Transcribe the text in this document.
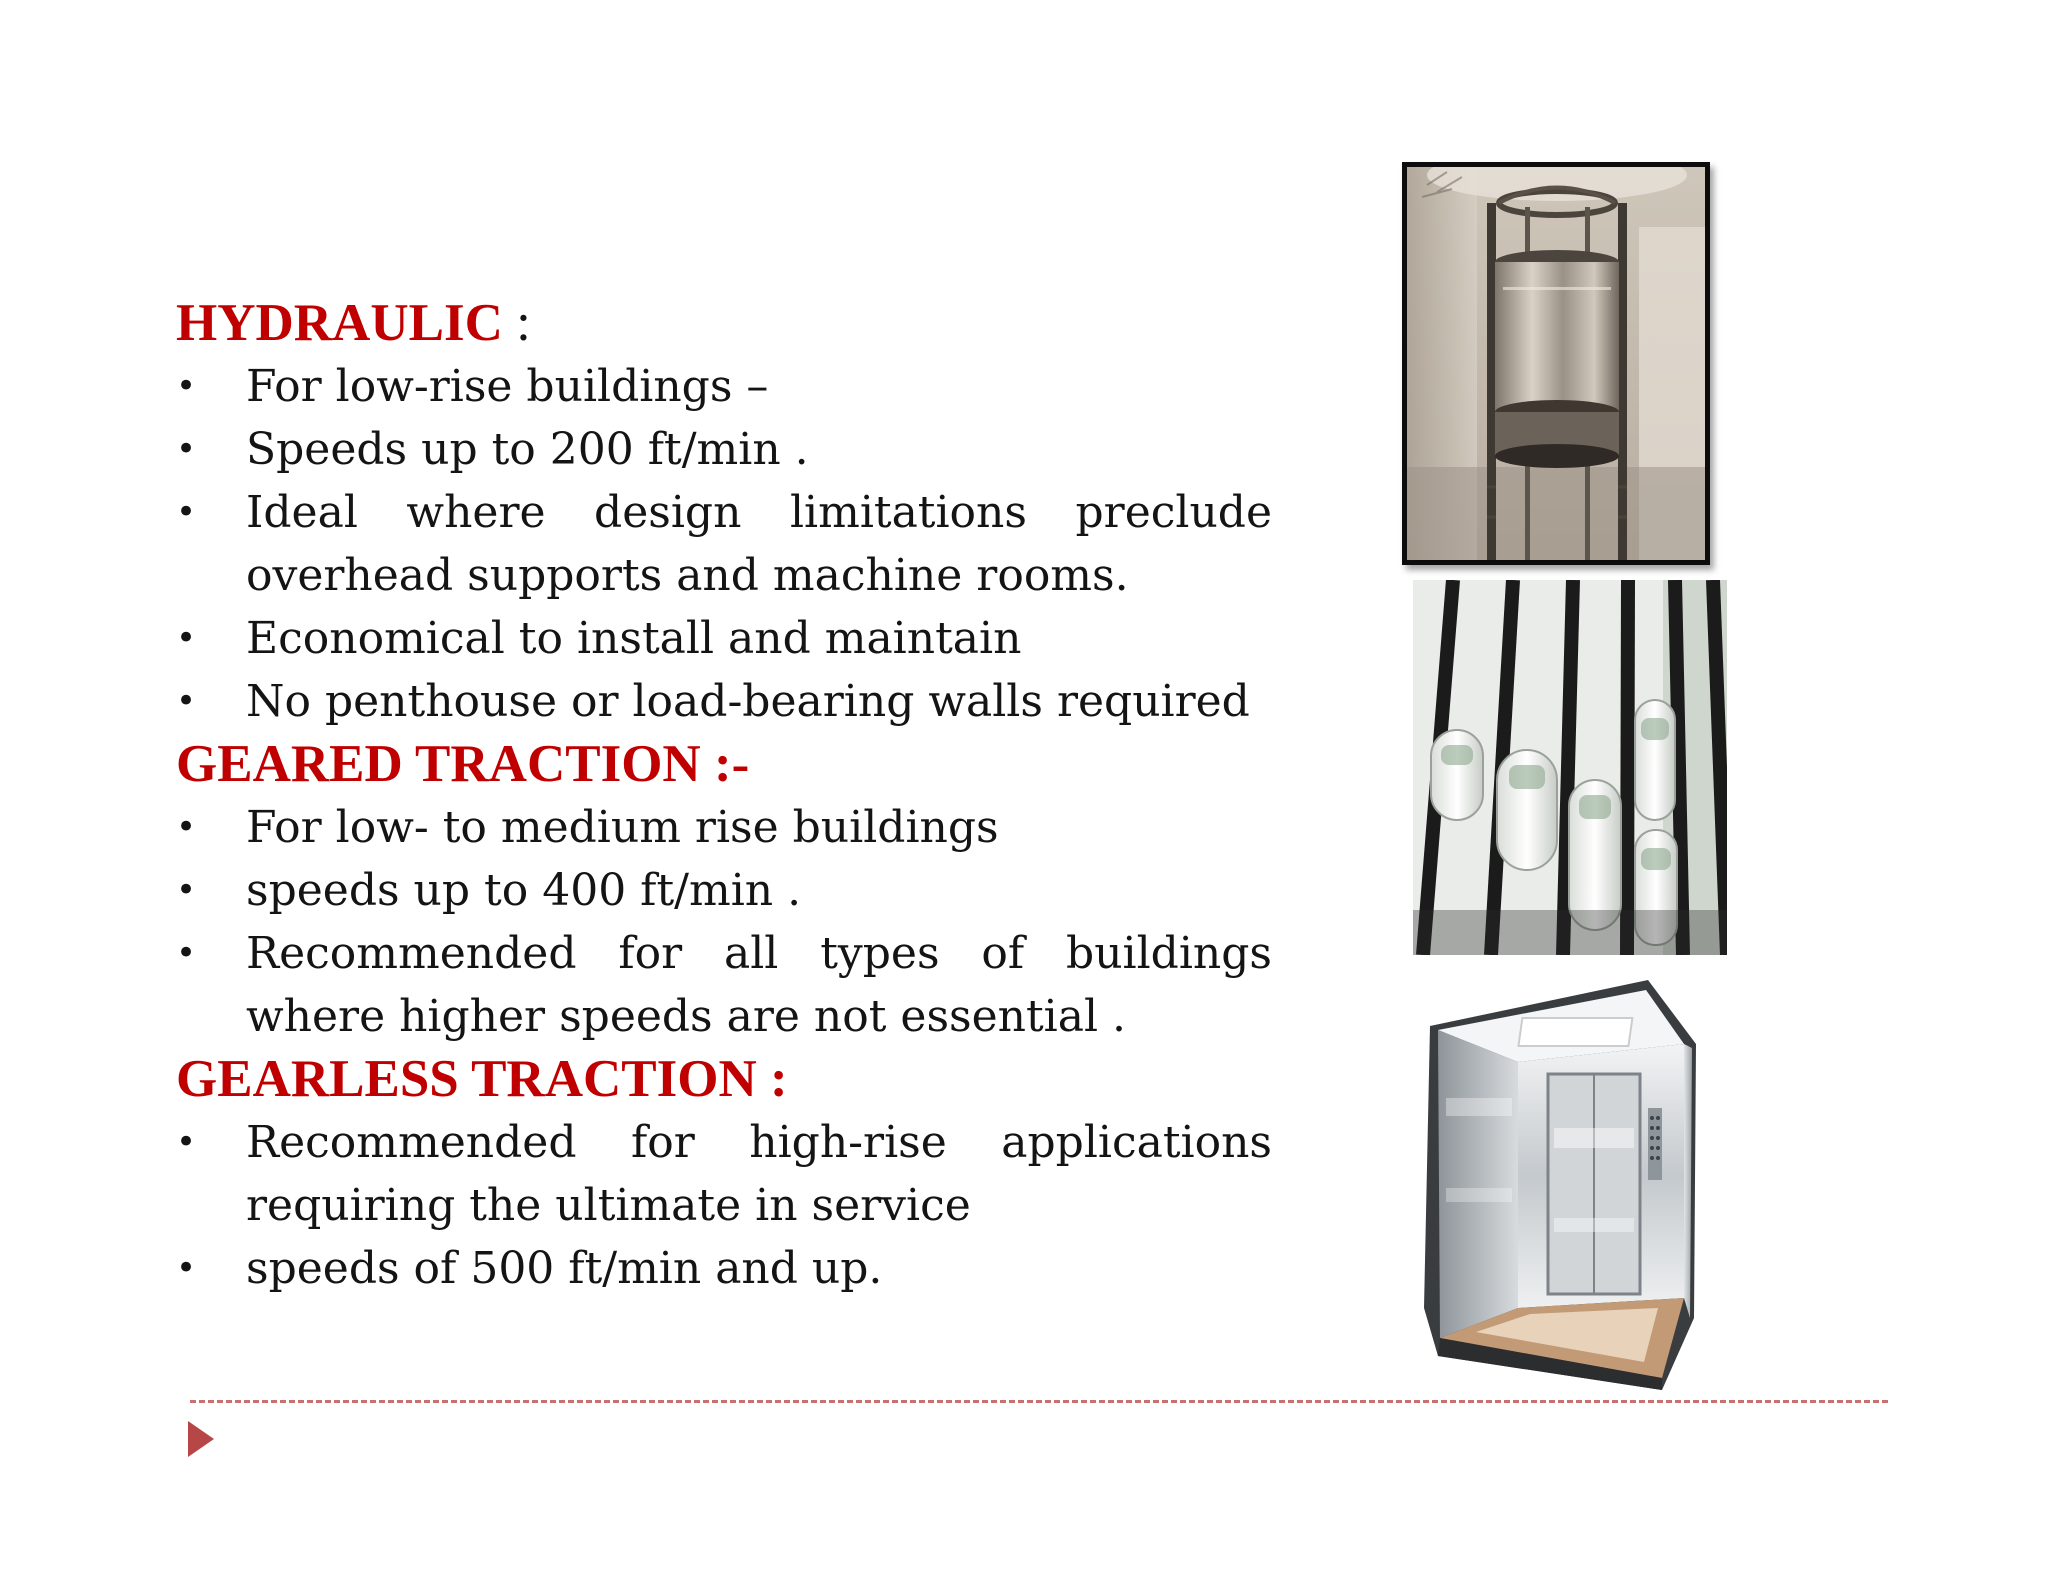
HYDRAULIC :
• For low-rise buildings –
• Speeds up to 200 ft/min .
• Ideal where design limitations preclude overhead supports and machine rooms.
• Economical to install and maintain
• No penthouse or load-bearing walls required
GEARED TRACTION :-
• For low- to medium rise buildings
• speeds up to 400 ft/min .
• Recommended for all types of buildings where higher speeds are not essential .
GEARLESS TRACTION :
• Recommended for high-rise applications requiring the ultimate in service
• speeds of 500 ft/min and up.
